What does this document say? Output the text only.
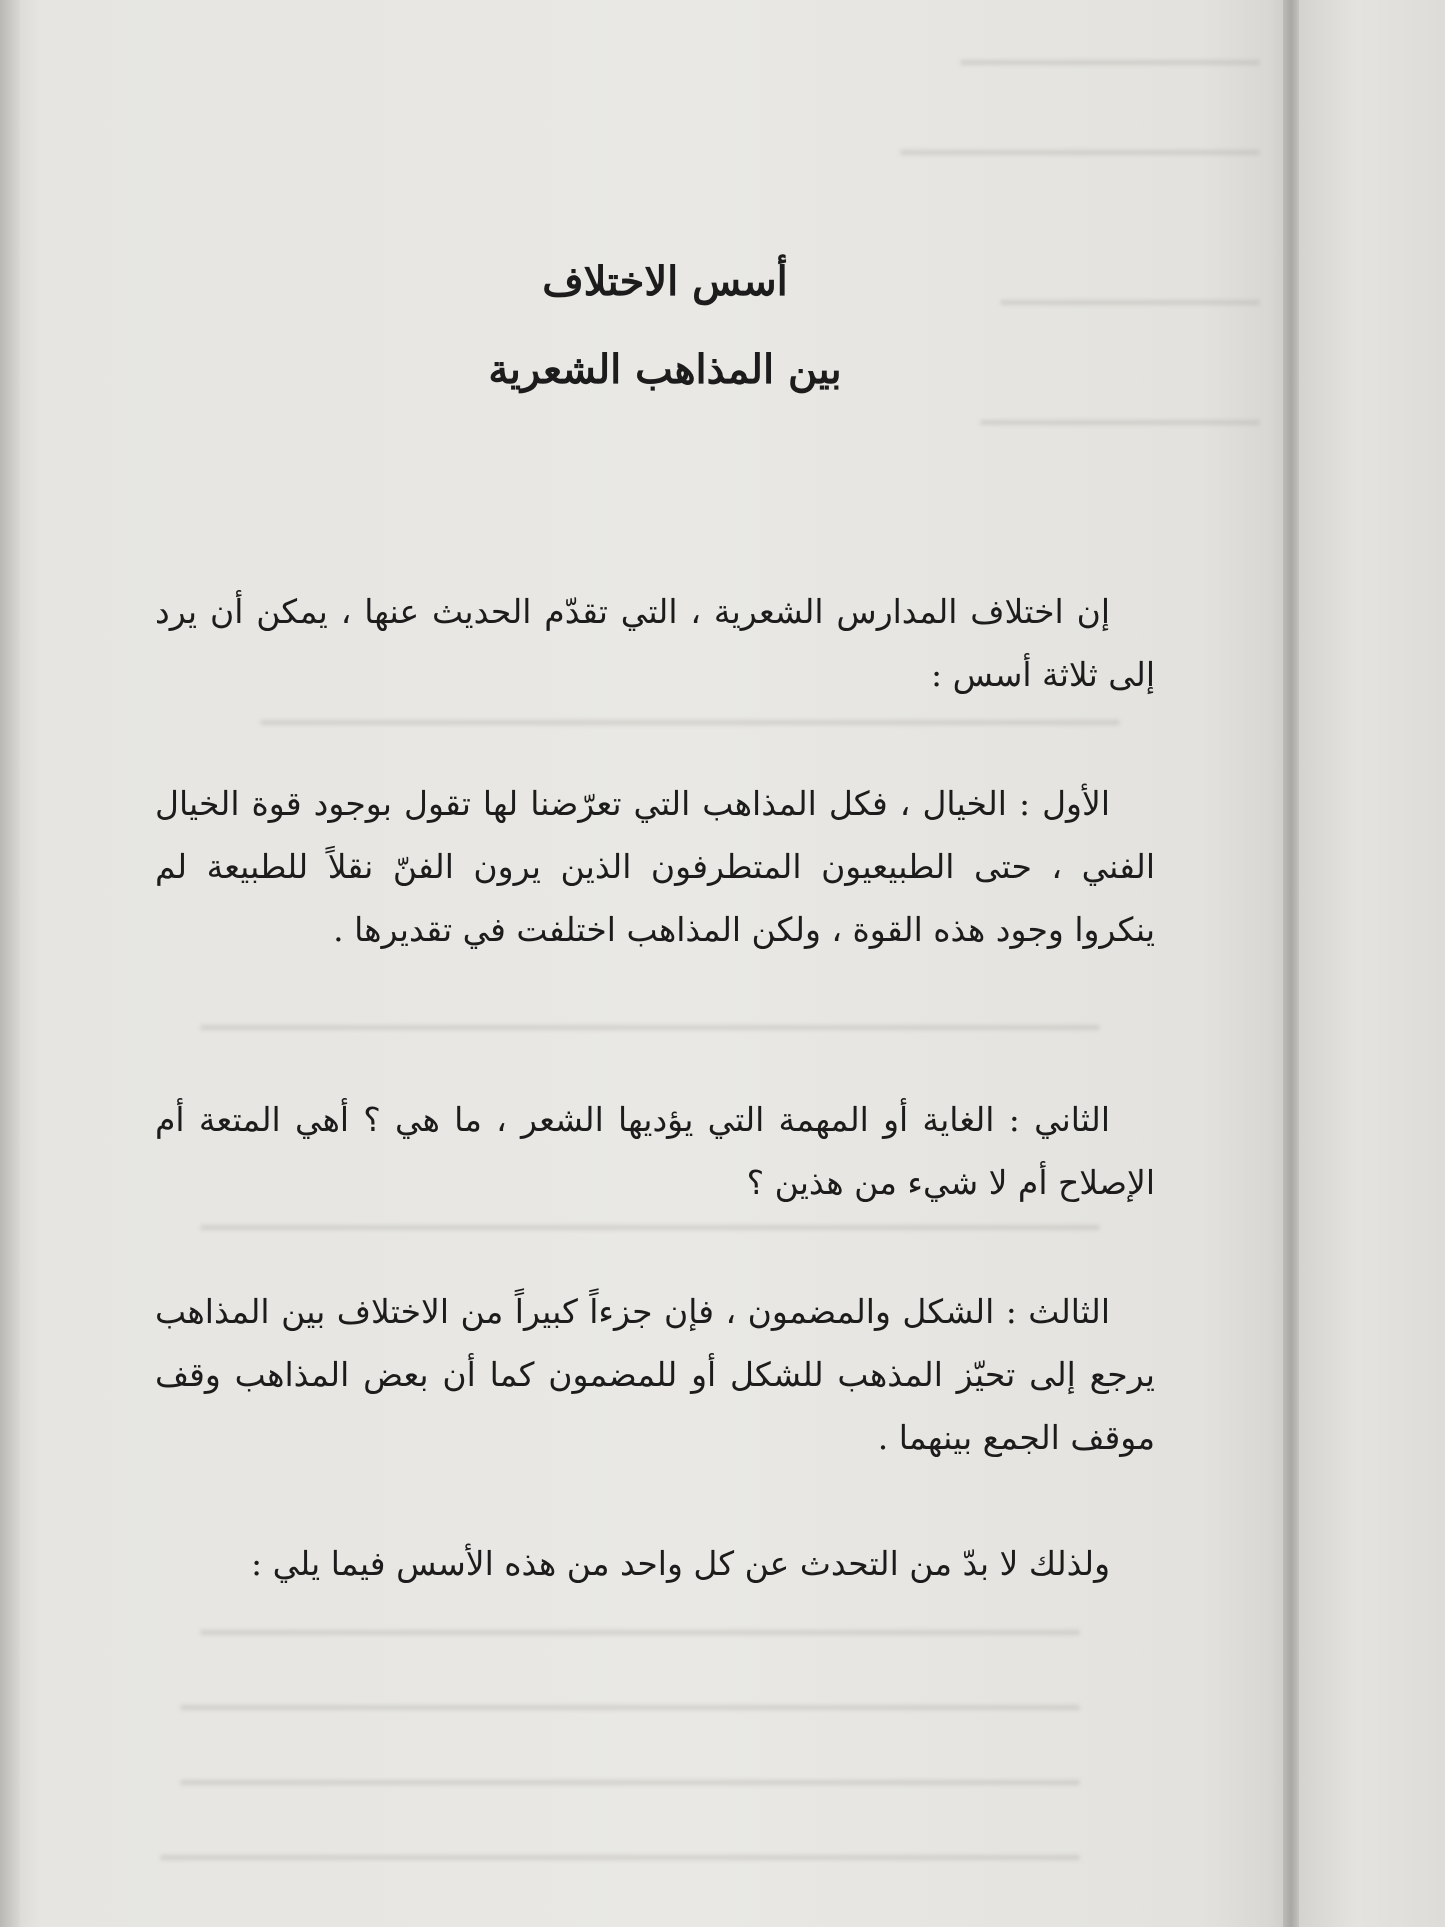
أسس الاختلاف
بين المذاهب الشعرية

إن اختلاف المدارس الشعرية ، التي تقدّم الحديث عنها ، يمكن أن يرد إلى ثلاثة أسس :

الأول : الخيال ، فكل المذاهب التي تعرّضنا لها تقول بوجود قوة الخيال الفني ، حتى الطبيعيون المتطرفون الذين يرون الفنّ نقلاً للطبيعة لم ينكروا وجود هذه القوة ، ولكن المذاهب اختلفت في تقديرها .

الثاني : الغاية أو المهمة التي يؤديها الشعر ، ما هي ؟ أهي المتعة أم الإصلاح أم لا شيء من هذين ؟

الثالث : الشكل والمضمون ، فإن جزءاً كبيراً من الاختلاف بين المذاهب يرجع إلى تحيّز المذهب للشكل أو للمضمون كما أن بعض المذاهب وقف موقف الجمع بينهما .

ولذلك لا بدّ من التحدث عن كل واحد من هذه الأسس فيما يلي :
